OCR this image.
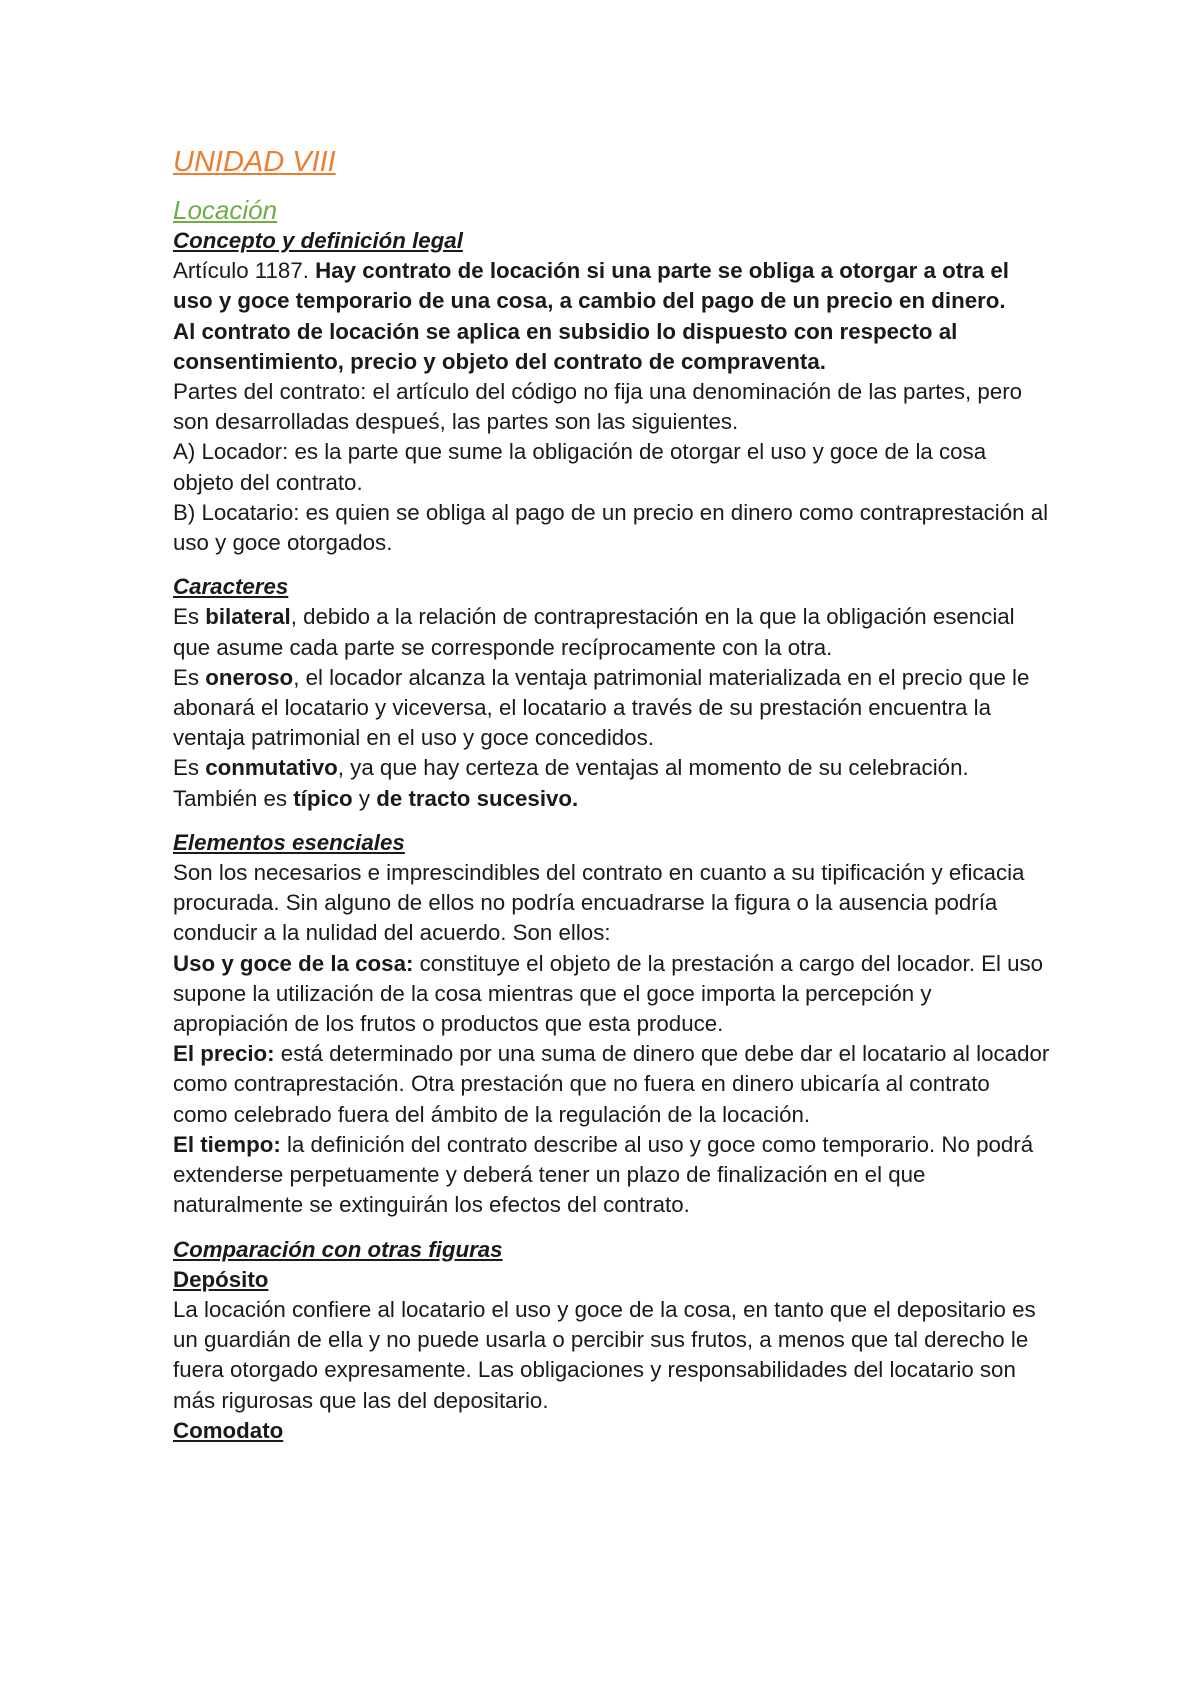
UNIDAD VIII
Locación

Concepto y definición legal

Artículo 1187. Hay contrato de locación si una parte se obliga a otorgar a otra el uso y goce temporario de una cosa, a cambio del pago de un precio en dinero.

Al contrato de locación se aplica en subsidio lo dispuesto con respecto al consentimiento, precio y objeto del contrato de compraventa.

Partes del contrato: el artículo del código no fija una denominación de las partes, pero son desarrolladas despueś, las partes son las siguientes.

A) Locador: es la parte que sume la obligación de otorgar el uso y goce de la cosa objeto del contrato.

B) Locatario: es quien se obliga al pago de un precio en dinero como contraprestación al uso y goce otorgados.

Caracteres

Es bilateral, debido a la relación de contraprestación en la que la obligación esencial que asume cada parte se corresponde recíprocamente con la otra.

Es oneroso, el locador alcanza la ventaja patrimonial materializada en el precio que le abonará el locatario y viceversa, el locatario a través de su prestación encuentra la ventaja patrimonial en el uso y goce concedidos.

Es conmutativo, ya que hay certeza de ventajas al momento de su celebración.

También es típico y de tracto sucesivo.

Elementos esenciales

Son los necesarios e imprescindibles del contrato en cuanto a su tipificación y eficacia procurada. Sin alguno de ellos no podría encuadrarse la figura o la ausencia podría conducir a la nulidad del acuerdo. Son ellos:

Uso y goce de la cosa: constituye el objeto de la prestación a cargo del locador. El uso supone la utilización de la cosa mientras que el goce importa la percepción y apropiación de los frutos o productos que esta produce.

El precio: está determinado por una suma de dinero que debe dar el locatario al locador como contraprestación. Otra prestación que no fuera en dinero ubicaría al contrato como celebrado fuera del ámbito de la regulación de la locación.

El tiempo: la definición del contrato describe al uso y goce como temporario. No podrá extenderse perpetuamente y deberá tener un plazo de finalización en el que naturalmente se extinguirán los efectos del contrato.

Comparación con otras figuras

Depósito

La locación confiere al locatario el uso y goce de la cosa, en tanto que el depositario es un guardián de ella y no puede usarla o percibir sus frutos, a menos que tal derecho le fuera otorgado expresamente. Las obligaciones y responsabilidades del locatario son más rigurosas que las del depositario.

Comodato
